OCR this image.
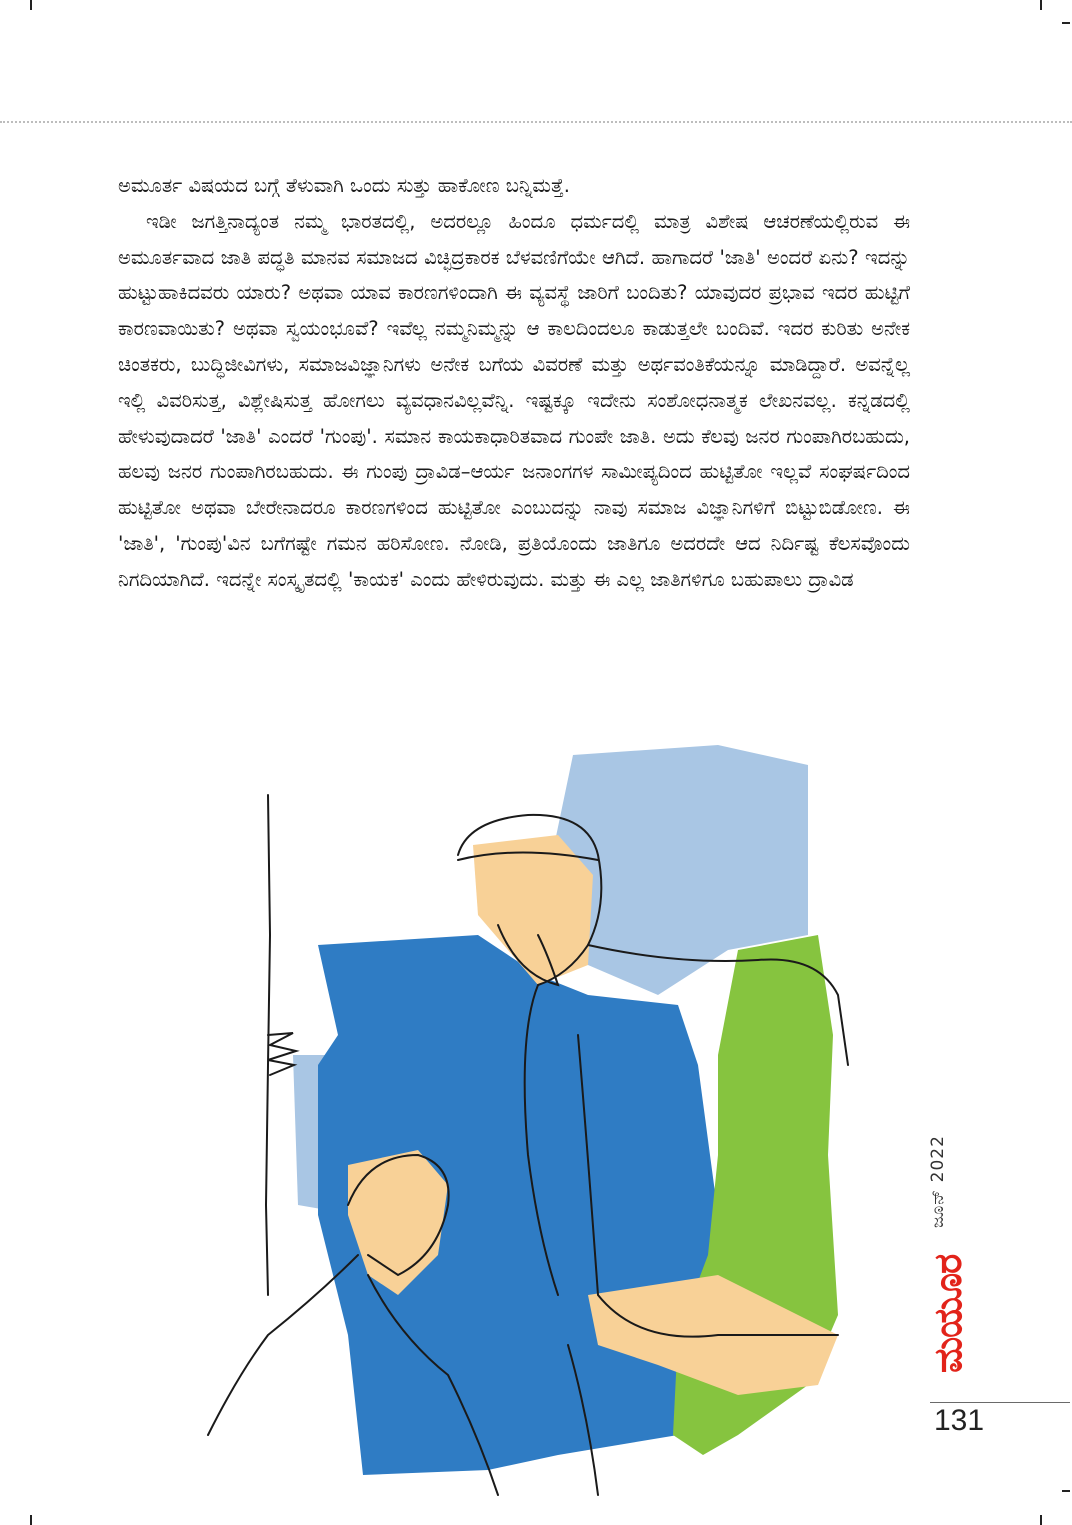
ಅಮೂರ್ತ ವಿಷಯದ ಬಗ್ಗೆ ತೆಳುವಾಗಿ ಒಂದು ಸುತ್ತು ಹಾಕೋಣ ಬನ್ನಿಮತ್ತೆ.

ಇಡೀ ಜಗತ್ತಿನಾದ್ಯಂತ ನಮ್ಮ ಭಾರತದಲ್ಲಿ, ಅದರಲ್ಲೂ ಹಿಂದೂ ಧರ್ಮದಲ್ಲಿ ಮಾತ್ರ ವಿಶೇಷ ಆಚರಣೆಯಲ್ಲಿರುವ ಈ ಅಮೂರ್ತವಾದ ಜಾತಿ ಪದ್ಧತಿ ಮಾನವ ಸಮಾಜದ ವಿಚ್ಛಿದ್ರಕಾರಕ ಬೆಳವಣಿಗೆಯೇ ಆಗಿದೆ. ಹಾಗಾದರೆ 'ಜಾತಿ' ಅಂದರೆ ಏನು? ಇದನ್ನು ಹುಟ್ಟುಹಾಕಿದವರು ಯಾರು? ಅಥವಾ ಯಾವ ಕಾರಣಗಳಿಂದಾಗಿ ಈ ವ್ಯವಸ್ಥೆ ಜಾರಿಗೆ ಬಂದಿತು? ಯಾವುದರ ಪ್ರಭಾವ ಇದರ ಹುಟ್ಟಿಗೆ ಕಾರಣವಾಯಿತು? ಅಥವಾ ಸ್ವಯಂಭೂವೆ? ಇವೆಲ್ಲ ನಮ್ಮನಿಮ್ಮನ್ನು ಆ ಕಾಲದಿಂದಲೂ ಕಾಡುತ್ತಲೇ ಬಂದಿವೆ. ಇದರ ಕುರಿತು ಅನೇಕ ಚಿಂತಕರು, ಬುದ್ಧಿಜೀವಿಗಳು, ಸಮಾಜವಿಜ್ಞಾನಿಗಳು ಅನೇಕ ಬಗೆಯ ವಿವರಣೆ ಮತ್ತು ಅರ್ಥವಂತಿಕೆಯನ್ನೂ ಮಾಡಿದ್ದಾರೆ. ಅವನ್ನೆಲ್ಲ ಇಲ್ಲಿ ವಿವರಿಸುತ್ತ, ವಿಶ್ಲೇಷಿಸುತ್ತ ಹೋಗಲು ವ್ಯವಧಾನವಿಲ್ಲವೆನ್ನಿ. ಇಷ್ಟಕ್ಕೂ ಇದೇನು ಸಂಶೋಧನಾತ್ಮಕ ಲೇಖನವಲ್ಲ. ಕನ್ನಡದಲ್ಲಿ ಹೇಳುವುದಾದರೆ 'ಜಾತಿ' ಎಂದರೆ 'ಗುಂಪು'. ಸಮಾನ ಕಾಯಕಾಧಾರಿತವಾದ ಗುಂಪೇ ಜಾತಿ. ಅದು ಕೆಲವು ಜನರ ಗುಂಪಾಗಿರಬಹುದು, ಹಲವು ಜನರ ಗುಂಪಾಗಿರಬಹುದು. ಈ ಗುಂಪು ದ್ರಾವಿಡ–ಆರ್ಯ ಜನಾಂಗಗಳ ಸಾಮೀಪ್ಯದಿಂದ ಹುಟ್ಟಿತೋ ಇಲ್ಲವೆ ಸಂಘರ್ಷದಿಂದ ಹುಟ್ಟಿತೋ ಅಥವಾ ಬೇರೇನಾದರೂ ಕಾರಣಗಳಿಂದ ಹುಟ್ಟಿತೋ ಎಂಬುದನ್ನು ನಾವು ಸಮಾಜ ವಿಜ್ಞಾನಿಗಳಿಗೆ ಬಿಟ್ಟುಬಿಡೋಣ. ಈ 'ಜಾತಿ', 'ಗುಂಪು'ವಿನ ಬಗೆಗಷ್ಟೇ ಗಮನ ಹರಿಸೋಣ. ನೋಡಿ, ಪ್ರತಿಯೊಂದು ಜಾತಿಗೂ ಅದರದೇ ಆದ ನಿರ್ದಿಷ್ಟ ಕೆಲಸವೊಂದು ನಿಗದಿಯಾಗಿದೆ. ಇದನ್ನೇ ಸಂಸ್ಕೃತದಲ್ಲಿ 'ಕಾಯಕ' ಎಂದು ಹೇಳಿರುವುದು. ಮತ್ತು ಈ ಎಲ್ಲ ಜಾತಿಗಳಿಗೂ ಬಹುಪಾಲು ದ್ರಾವಿಡ

ಜೂನ್ 2022
ಮಯೂರ
131
